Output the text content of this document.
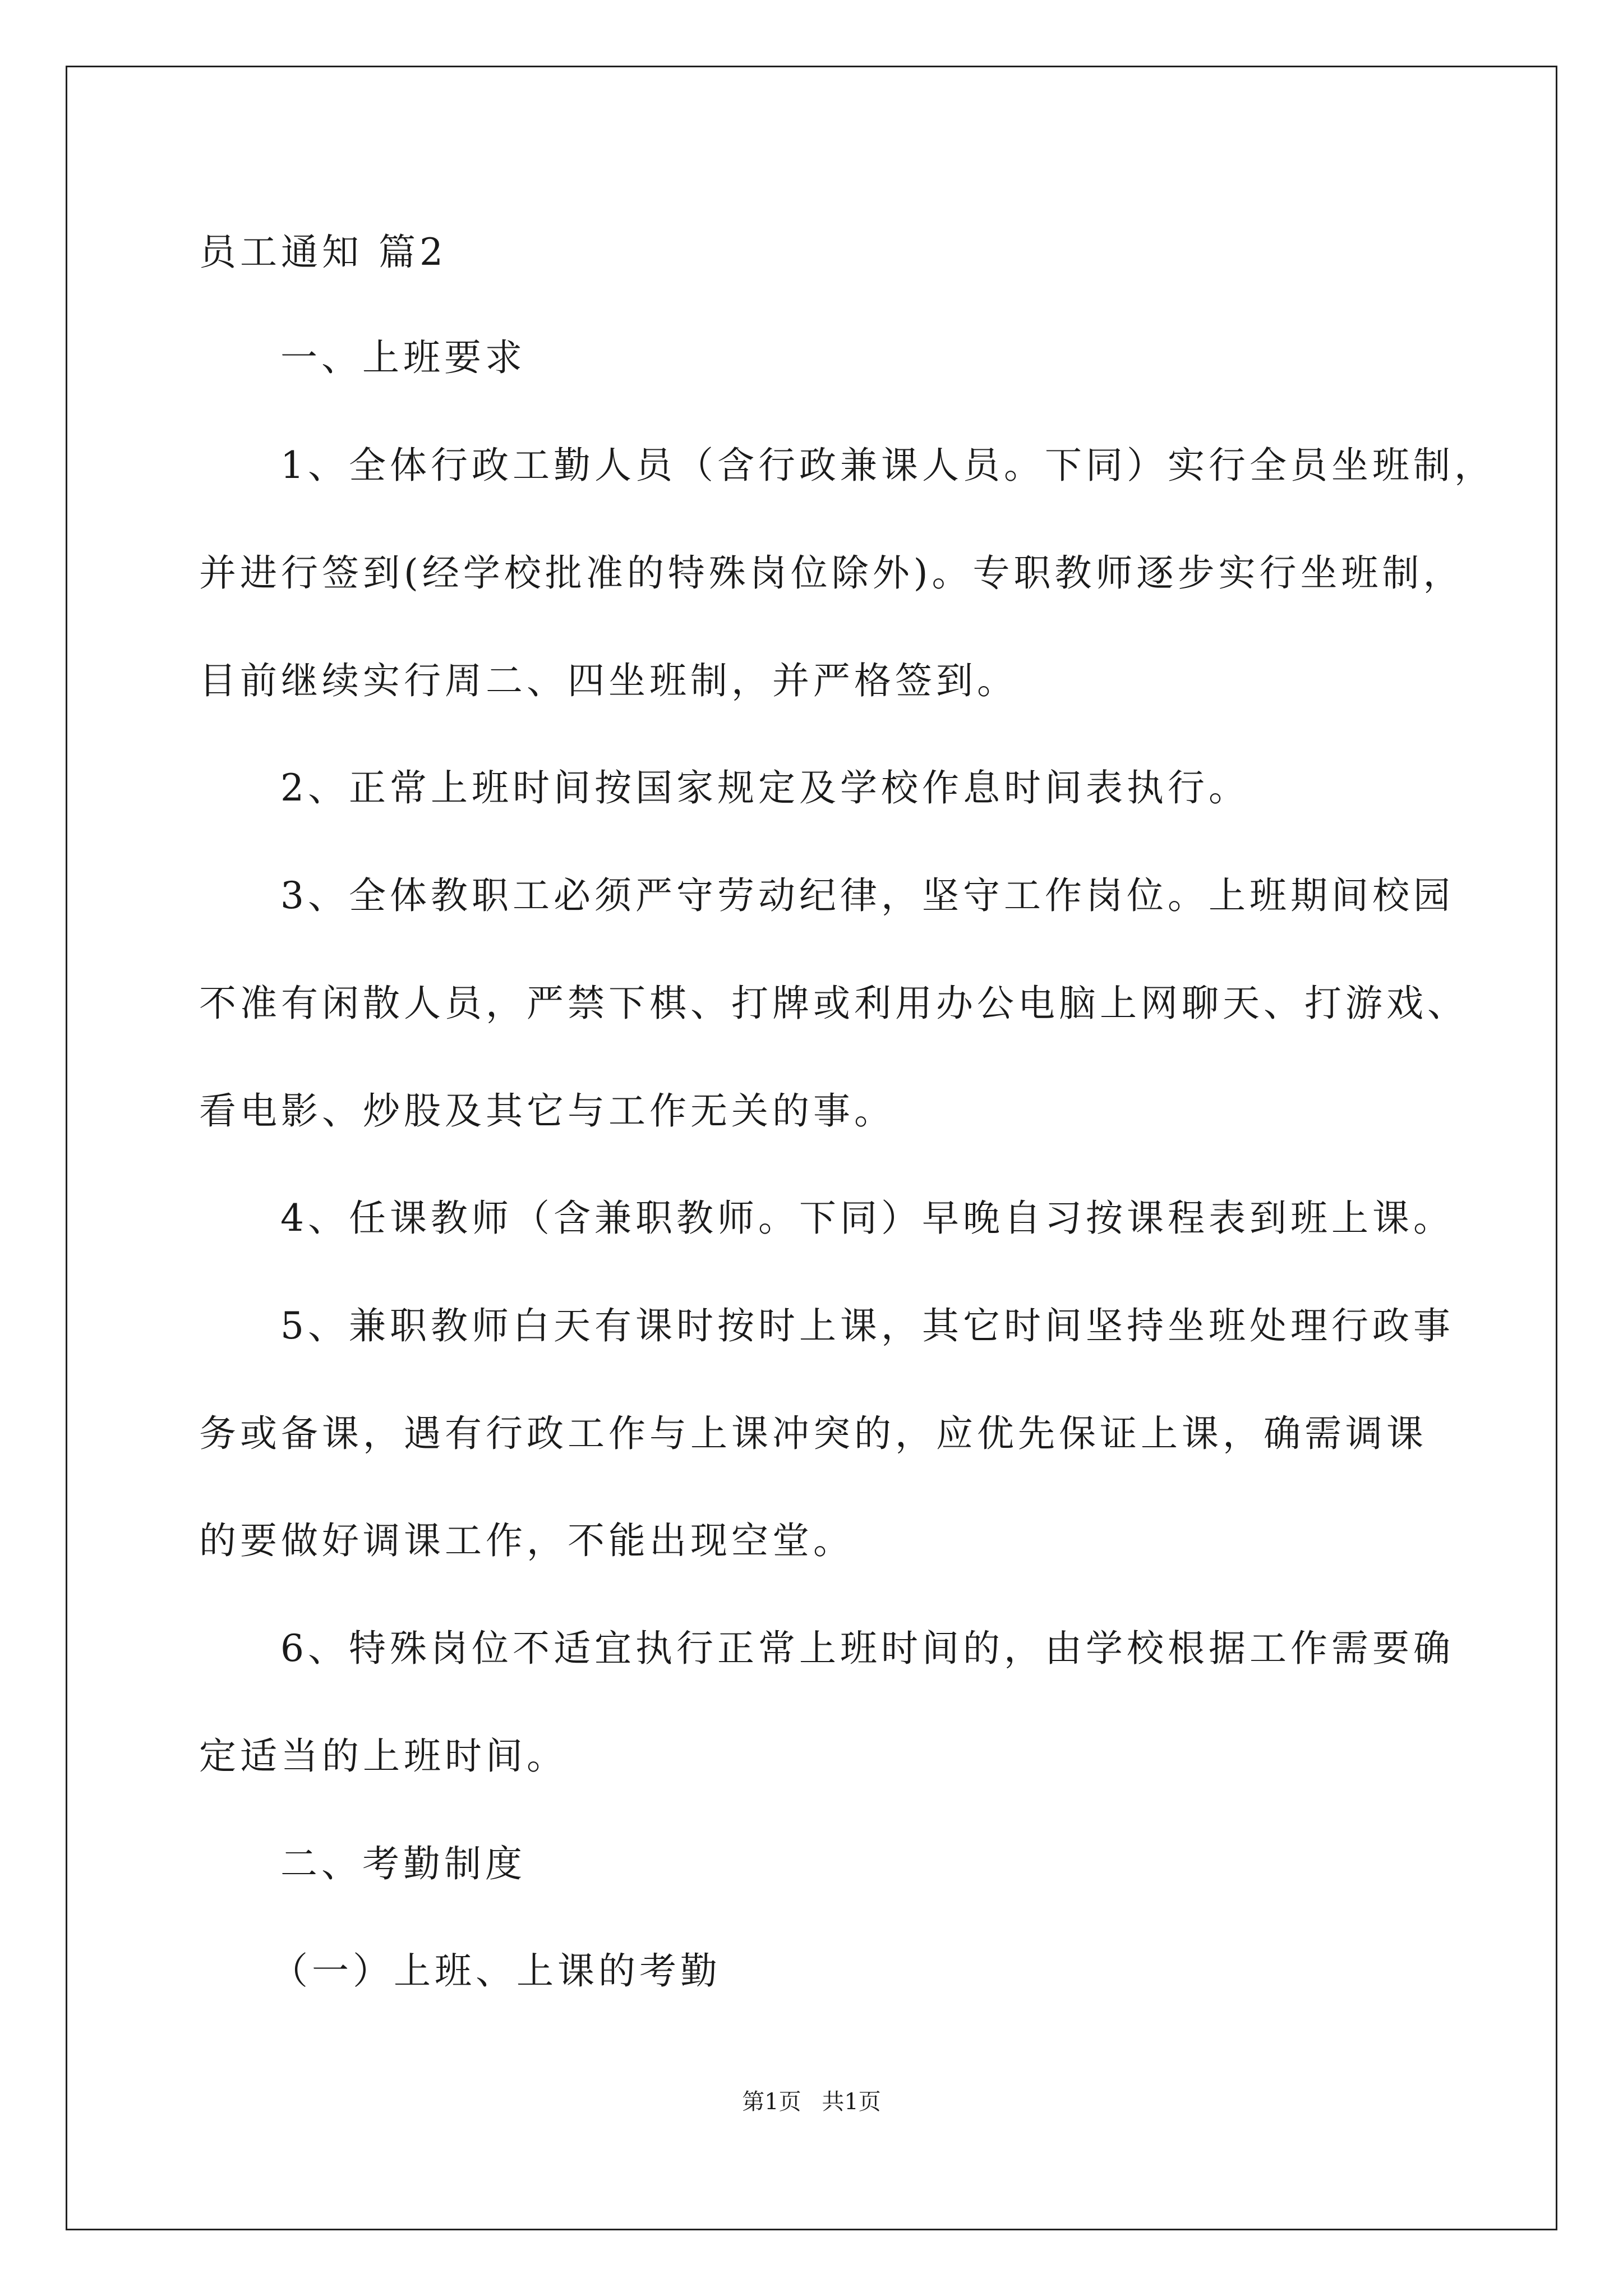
员工通知 篇2
一、上班要求
1、全体行政工勤人员（含行政兼课人员。下同）实行全员坐班制，
并进行签到(经学校批准的特殊岗位除外)。专职教师逐步实行坐班制，
目前继续实行周二、四坐班制，并严格签到。
2、正常上班时间按国家规定及学校作息时间表执行。
3、全体教职工必须严守劳动纪律，坚守工作岗位。上班期间校园
不准有闲散人员，严禁下棋、打牌或利用办公电脑上网聊天、打游戏、
看电影、炒股及其它与工作无关的事。
4、任课教师（含兼职教师。下同）早晚自习按课程表到班上课。
5、兼职教师白天有课时按时上课，其它时间坚持坐班处理行政事
务或备课，遇有行政工作与上课冲突的，应优先保证上课，确需调课
的要做好调课工作，不能出现空堂。
6、特殊岗位不适宜执行正常上班时间的，由学校根据工作需要确
定适当的上班时间。
二、考勤制度
（一）上班、上课的考勤
第1页 共1页
